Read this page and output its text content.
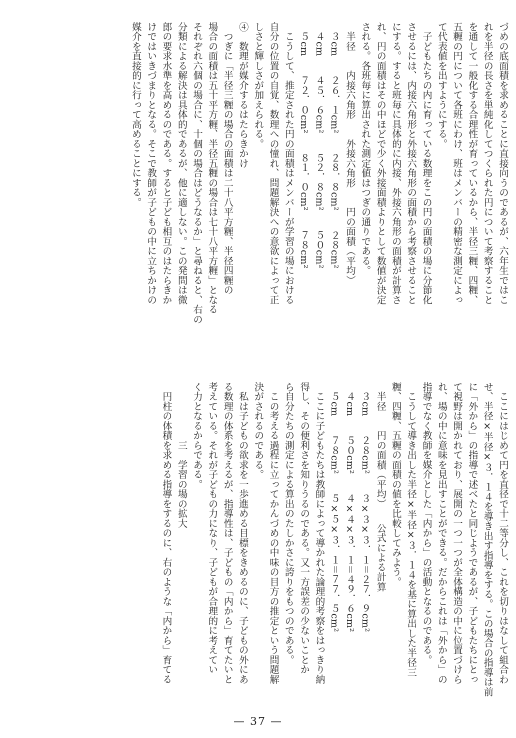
づめの底面積を求めることに直接向うのであるが、六年生ではこ

れを半径の長さを単純化してつくられた円について考察すること

を通して一般化する合理性が育っているから、半径三糎、四糎、

五糎の円について各班にわけ、班はメンバーの精密な測定によっ

て代表値を出すようにする。

　子どもたちの内に育っている数理をこの円の面積の場に分節化

させるには、内接六角形と外接六角形の面積から考察させること

にする。すると班毎に具体的に内接、外接六角形の面積が計算さ

れ、円の面積はその中ほどで少く外接面積よりとして数値が決定

される。各班毎に算出された測定値はつぎの通りである。

　半径　　内接六角形　　外接六角形　　円の面積（平均）

　３cm　　２６．１cm²　　２８．８cm²　　２８cm²

　４cm　　４５．６cm²　　５２．８cm²　　５０cm²

　５cm　　７２．０cm²　　８１．０cm²　　７８cm²

　こうして、推定された円の面積はメンバーが学習の場における

自分の位置の自覚、数理への憧れ、問題解決への意欲によって正

しさと輝しさが加えられる。

④　数理が媒介するはたらきかけ

　つぎに「半径三糎の場合の面積は二十八平方糎、半径四糎の

場合の面積は五十平方糎、半径五糎の場合は七十八平方糎」となる

それぞれ六個の場合に、十個の場合はどうなるか」と尋ねると、右の

分類による解決は具体的であるが、他に適しない。この発問は微

郎の要求水準を高めるのである。すると子ども相互のはたらきか

けではいきづまりとなる。そこで教師が子どもの中に立ちかけの

媒介を直接的に行って高めることにする。

　ここにはじめて円を直径で十二等分し、これを切りはなして組合わ

せ、半径×半径×３．１４を導き出す指導をする。この場合の指導は前

に「外から」の指導で述べたと同じようであるが、子どもたちにとっ

て視野は開かれており、展開の一つ一つが全体構造の中に位置づけら

れ、場の中に意味を見出すことができる。だからこれは「外から」の

指導でなく教師を媒介とした「内から」の活動となるのである。

　こうして導き出した半径×半径×３．１４を基に算出した半径三

糎、四糎、五糎の面積の値を比較してみよう。

　半径　　円の面積（平均）　　公式による計算

　３cm　　２８cm²　　３×３×３．１＝２７．９cm²

　４cm　　５０cm²　　４×４×３．１＝４９．６cm²

　５cm　　７８cm²　　５×５×３．１＝７７．５cm²

　ここに子どもたちは教師によって導かれた論理的考察をはっきり納

得し、その便利さを知りうるのである。又一方誤差の少ないことか

ら自分たちの測定による算出のたしかさに誇りをもつのである。

　この考える過程に立ってかんづめの中味の目方の推定という問題解

決がされるのである。

　私は子どもの欲求を一歩進める目標をきめるのに、子どもの外にあ

る数理の体系を考えるが、指導性は、子どもの「内から」育てたいと

考えている。それが子どもの力になり、子どもが合理的に考えてい

く力となるからである。

　　　　　　三　学習の場の拡大

　円柱の体積を求める指導をするのに、右のような「内から」育てる

— 37 —
